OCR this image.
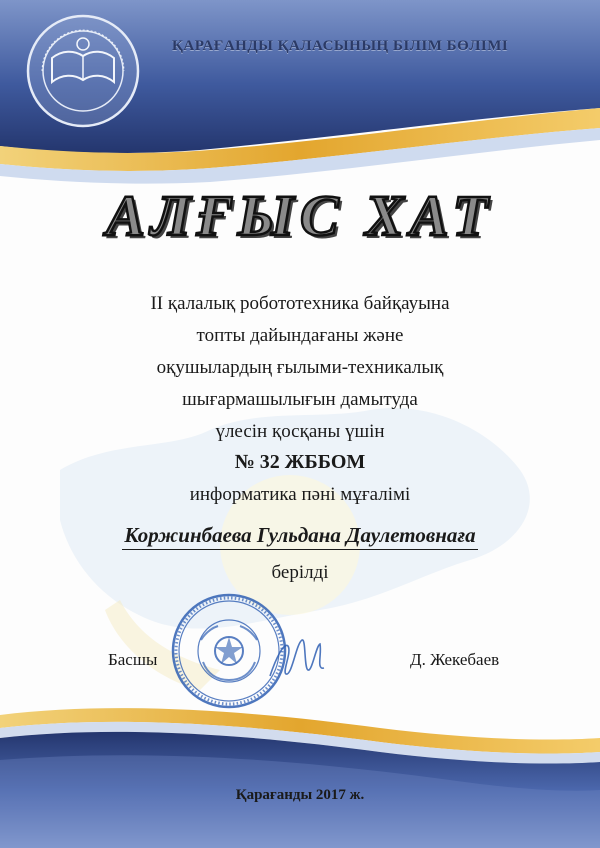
ҚАРАҒАНДЫ ҚАЛАСЫНЫҢ БІЛІМ БӨЛІМІ
АЛҒЫС ХАТ
II қалалық робототехника байқауына
топты дайындағаны және
оқушылардың ғылыми-техникалық
шығармашылығын дамытуда
үлесін қосқаны үшін
№ 32 ЖББОМ
информатика пәні мұғалімі
Коржинбаева Гульдана Даулетовнаға
берілді
Басшы	Д. Жекебаев
Қарағанды 2017 ж.
